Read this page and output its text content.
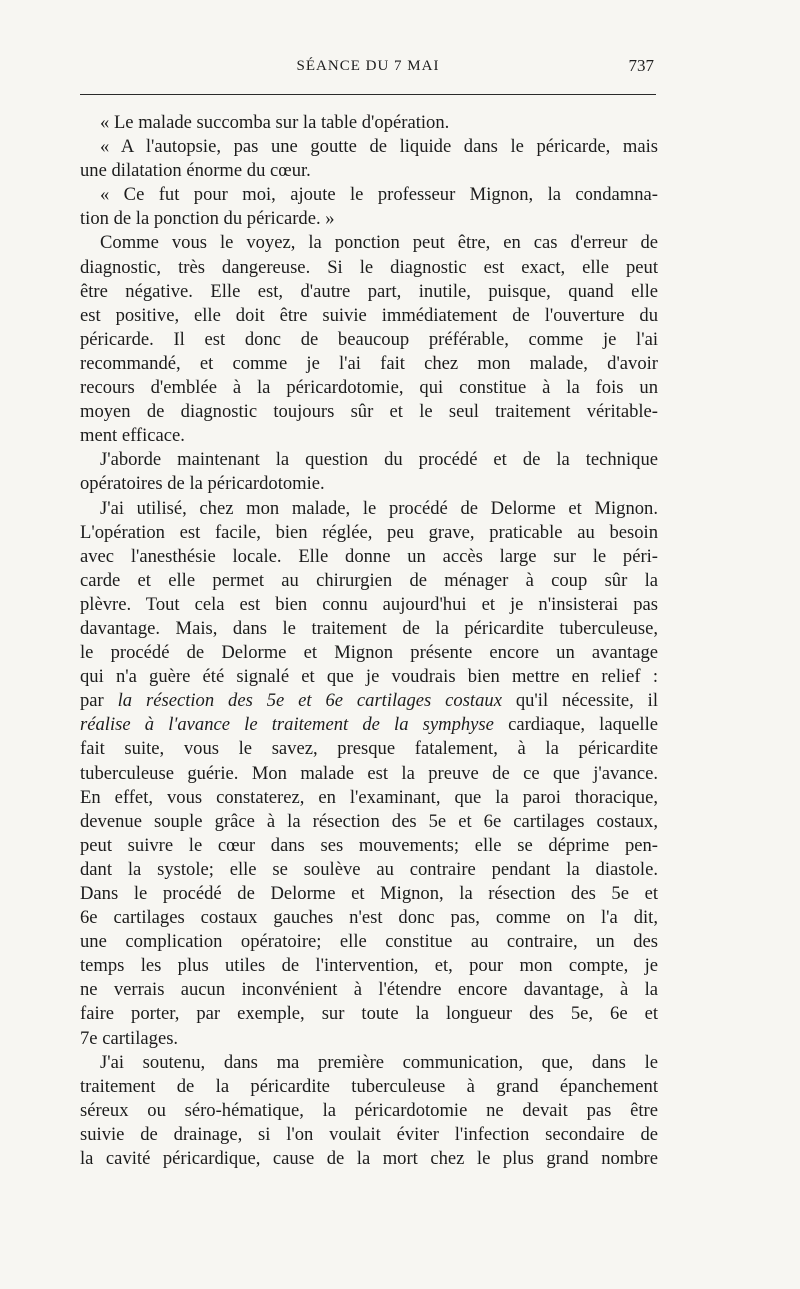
SÉANCE DU 7 MAI	737
« Le malade succomba sur la table d'opération.
« A l'autopsie, pas une goutte de liquide dans le péricarde, mais
une dilatation énorme du cœur.
« Ce fut pour moi, ajoute le professeur Mignon, la condamna-
tion de la ponction du péricarde. »
Comme vous le voyez, la ponction peut être, en cas d'erreur de
diagnostic, très dangereuse. Si le diagnostic est exact, elle peut
être négative. Elle est, d'autre part, inutile, puisque, quand elle
est positive, elle doit être suivie immédiatement de l'ouverture du
péricarde. Il est donc de beaucoup préférable, comme je l'ai
recommandé, et comme je l'ai fait chez mon malade, d'avoir
recours d'emblée à la péricardotomie, qui constitue à la fois un
moyen de diagnostic toujours sûr et le seul traitement véritable-
ment efficace.
J'aborde maintenant la question du procédé et de la technique
opératoires de la péricardotomie.
J'ai utilisé, chez mon malade, le procédé de Delorme et Mignon.
L'opération est facile, bien réglée, peu grave, praticable au besoin
avec l'anesthésie locale. Elle donne un accès large sur le péri-
carde et elle permet au chirurgien de ménager à coup sûr la
plèvre. Tout cela est bien connu aujourd'hui et je n'insisterai pas
davantage. Mais, dans le traitement de la péricardite tuberculeuse,
le procédé de Delorme et Mignon présente encore un avantage
qui n'a guère été signalé et que je voudrais bien mettre en relief :
par la résection des 5e et 6e cartilages costaux qu'il nécessite, il
réalise à l'avance le traitement de la symphyse cardiaque, laquelle
fait suite, vous le savez, presque fatalement, à la péricardite
tuberculeuse guérie. Mon malade est la preuve de ce que j'avance.
En effet, vous constaterez, en l'examinant, que la paroi thoracique,
devenue souple grâce à la résection des 5e et 6e cartilages costaux,
peut suivre le cœur dans ses mouvements; elle se déprime pen-
dant la systole; elle se soulève au contraire pendant la diastole.
Dans le procédé de Delorme et Mignon, la résection des 5e et
6e cartilages costaux gauches n'est donc pas, comme on l'a dit,
une complication opératoire; elle constitue au contraire, un des
temps les plus utiles de l'intervention, et, pour mon compte, je
ne verrais aucun inconvénient à l'étendre encore davantage, à la
faire porter, par exemple, sur toute la longueur des 5e, 6e et
7e cartilages.
J'ai soutenu, dans ma première communication, que, dans le
traitement de la péricardite tuberculeuse à grand épanchement
séreux ou séro-hématique, la péricardotomie ne devait pas être
suivie de drainage, si l'on voulait éviter l'infection secondaire de
la cavité péricardique, cause de la mort chez le plus grand nombre
